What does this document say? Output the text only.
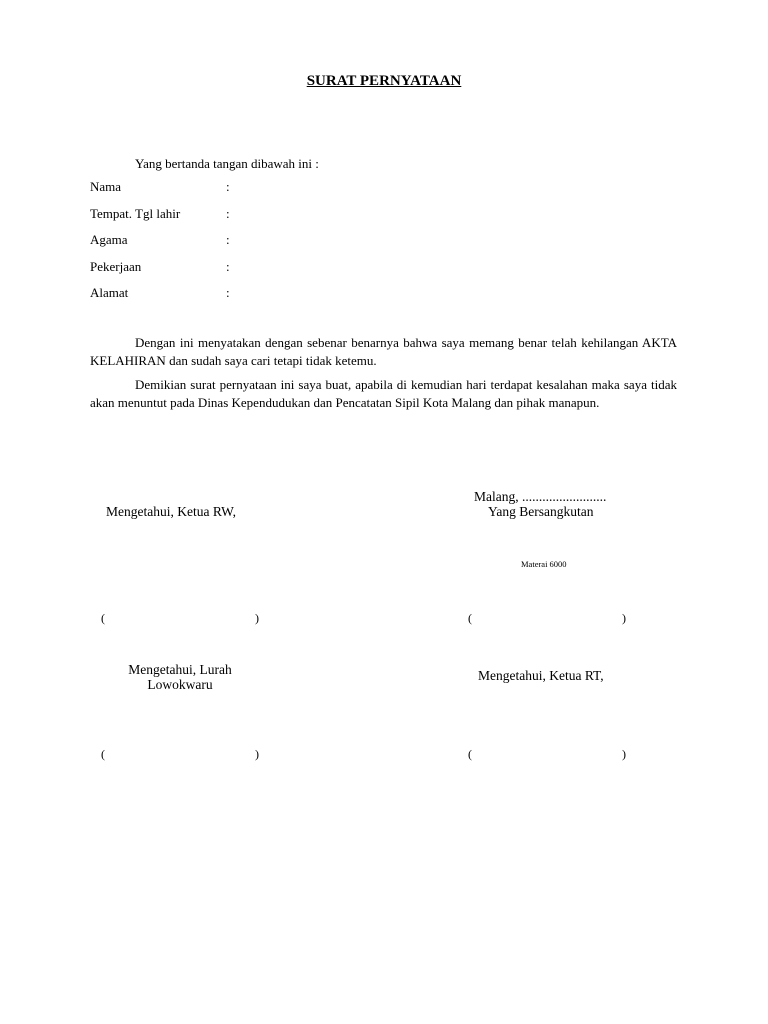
SURAT PERNYATAAN
Yang bertanda tangan dibawah ini :
Nama	:
Tempat. Tgl lahir	:
Agama	:
Pekerjaan	:
Alamat	:
Dengan ini menyatakan dengan sebenar benarnya bahwa saya memang benar telah kehilangan AKTA KELAHIRAN dan sudah saya cari tetapi tidak ketemu.
Demikian surat pernyataan ini saya buat, apabila di kemudian hari terdapat kesalahan maka saya tidak akan menuntut pada Dinas Kependudukan dan Pencatatan Sipil Kota Malang dan pihak manapun.
Malang, .........................
Mengetahui, Ketua RW,	Yang Bersangkutan
Materai 6000
(	)	(	)
Mengetahui, Lurah
Lowokwaru
Mengetahui, Ketua RT,
(	)	(	)
